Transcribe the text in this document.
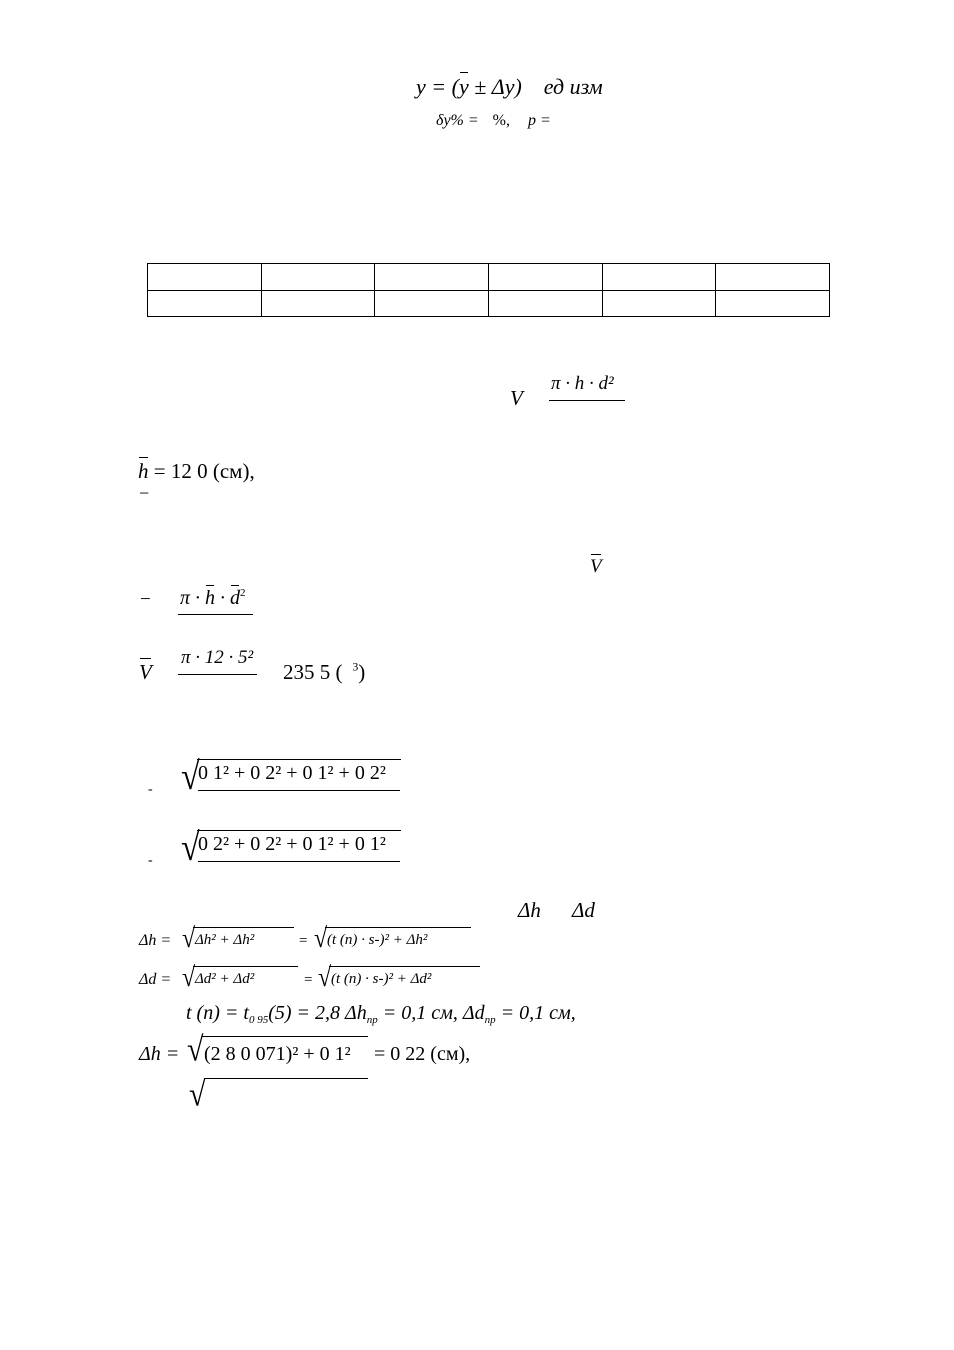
y = (y ± Δy) ед изм
δy% = %, p =

V
π · h · d²
h = 12 0 (см),
−
V
− $\pi \cdot h \cdot d^2$
V
π · 12 · 5²
235 5 ( $^3$)
- √
0 1² + 0 2² + 0 1² + 0 2²
- √
0 2² + 0 2² + 0 1² + 0 1²
Δh Δd
Δh = √ Δh² + Δh²	= √ (t (n) · s-)² + Δh²
Δd = √ Δd² + Δd²	= √ (t (n) · s-)² + Δd²
t $(n) = t_{0 95}(5) = 2,8$ $\Delta h_{пр} = 0,1$ см, $\Delta d_{пр} = 0,1$ см,
Δh = √ (2 8 0 071)² + 0 1² = 0 22 (см),
√
